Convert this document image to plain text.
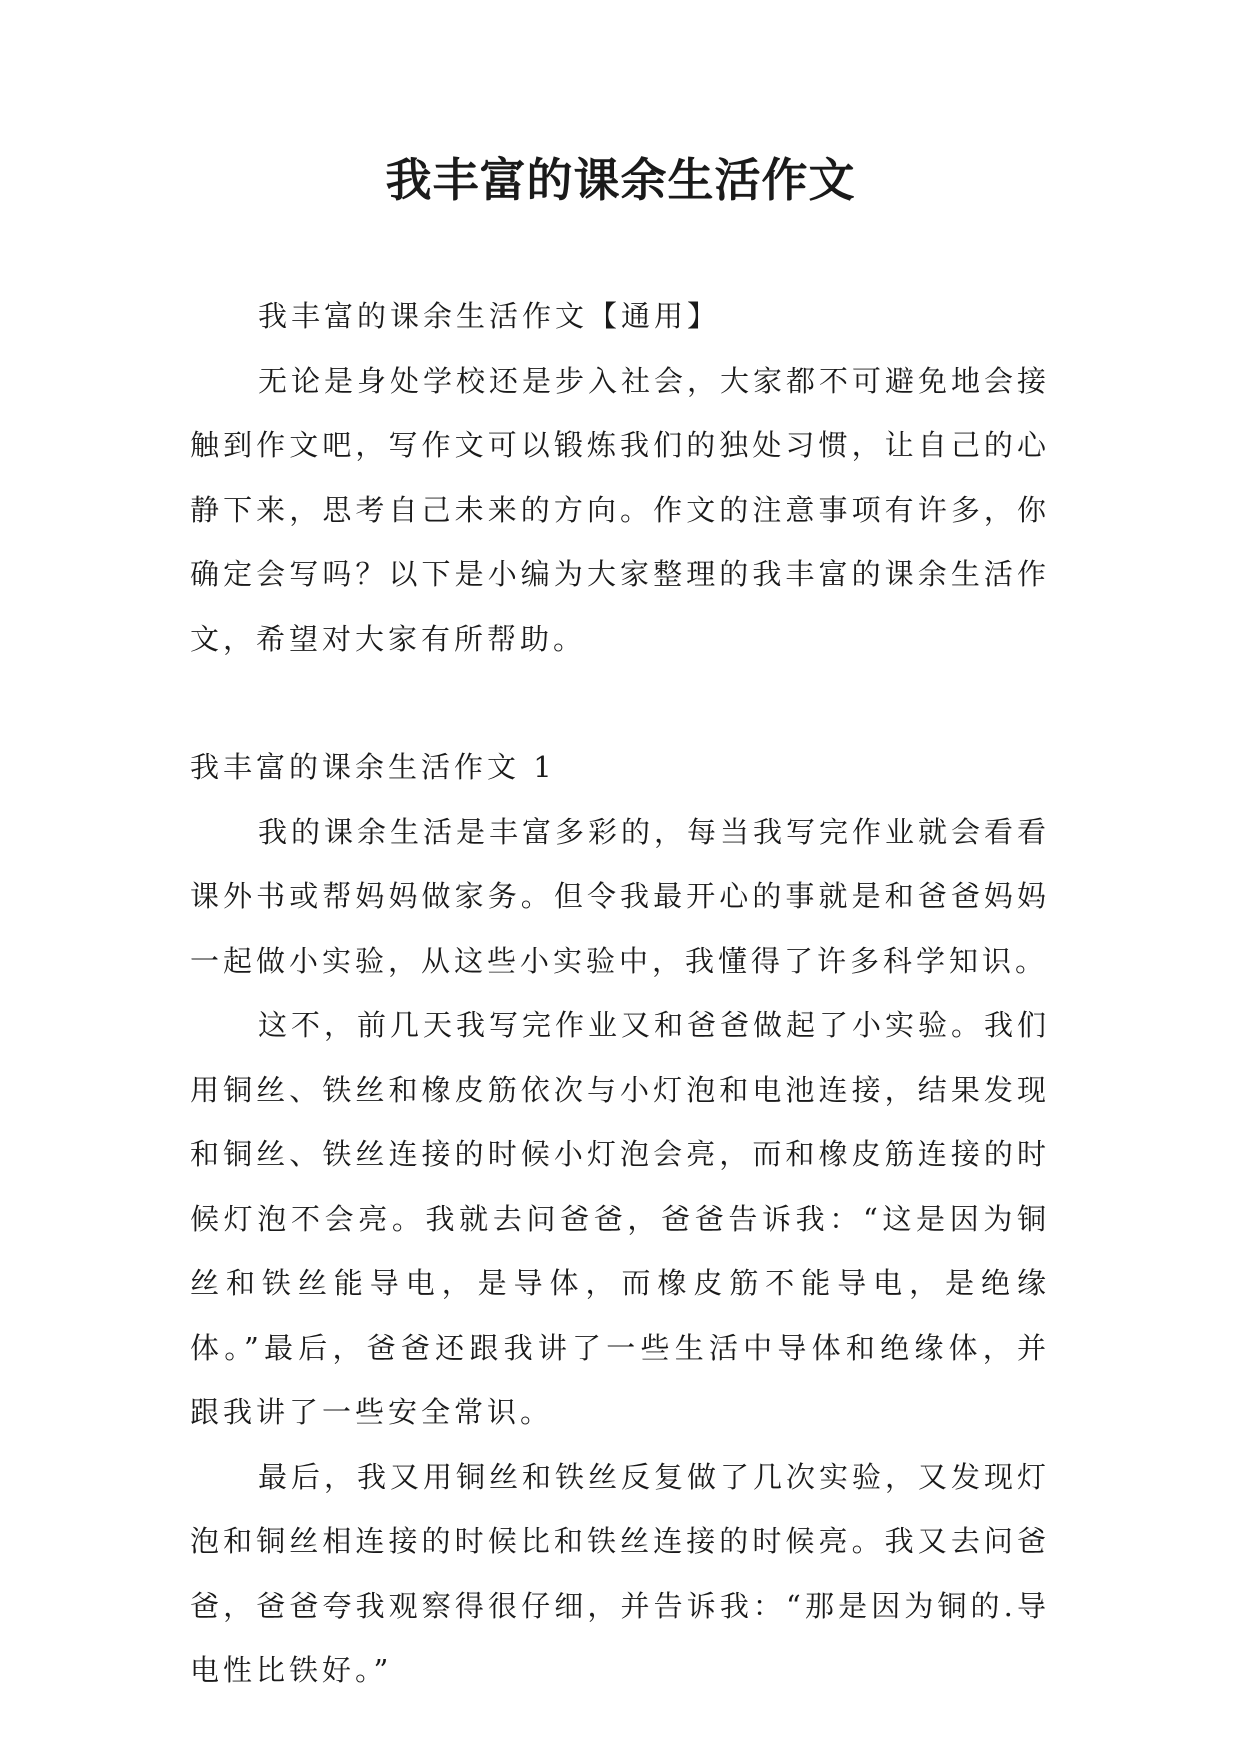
我丰富的课余生活作文

我丰富的课余生活作文【通用】

无论是身处学校还是步入社会，大家都不可避免地会接触到作文吧，写作文可以锻炼我们的独处习惯，让自己的心静下来，思考自己未来的方向。作文的注意事项有许多，你确定会写吗？以下是小编为大家整理的我丰富的课余生活作文，希望对大家有所帮助。

我丰富的课余生活作文 1

我的课余生活是丰富多彩的，每当我写完作业就会看看课外书或帮妈妈做家务。但令我最开心的事就是和爸爸妈妈一起做小实验，从这些小实验中，我懂得了许多科学知识。

这不，前几天我写完作业又和爸爸做起了小实验。我们用铜丝、铁丝和橡皮筋依次与小灯泡和电池连接，结果发现和铜丝、铁丝连接的时候小灯泡会亮，而和橡皮筋连接的时候灯泡不会亮。我就去问爸爸，爸爸告诉我：“这是因为铜丝和铁丝能导电，是导体，而橡皮筋不能导电，是绝缘体。”最后，爸爸还跟我讲了一些生活中导体和绝缘体，并跟我讲了一些安全常识。

最后，我又用铜丝和铁丝反复做了几次实验，又发现灯泡和铜丝相连接的时候比和铁丝连接的时候亮。我又去问爸爸，爸爸夸我观察得很仔细，并告诉我：“那是因为铜的.导电性比铁好。”
